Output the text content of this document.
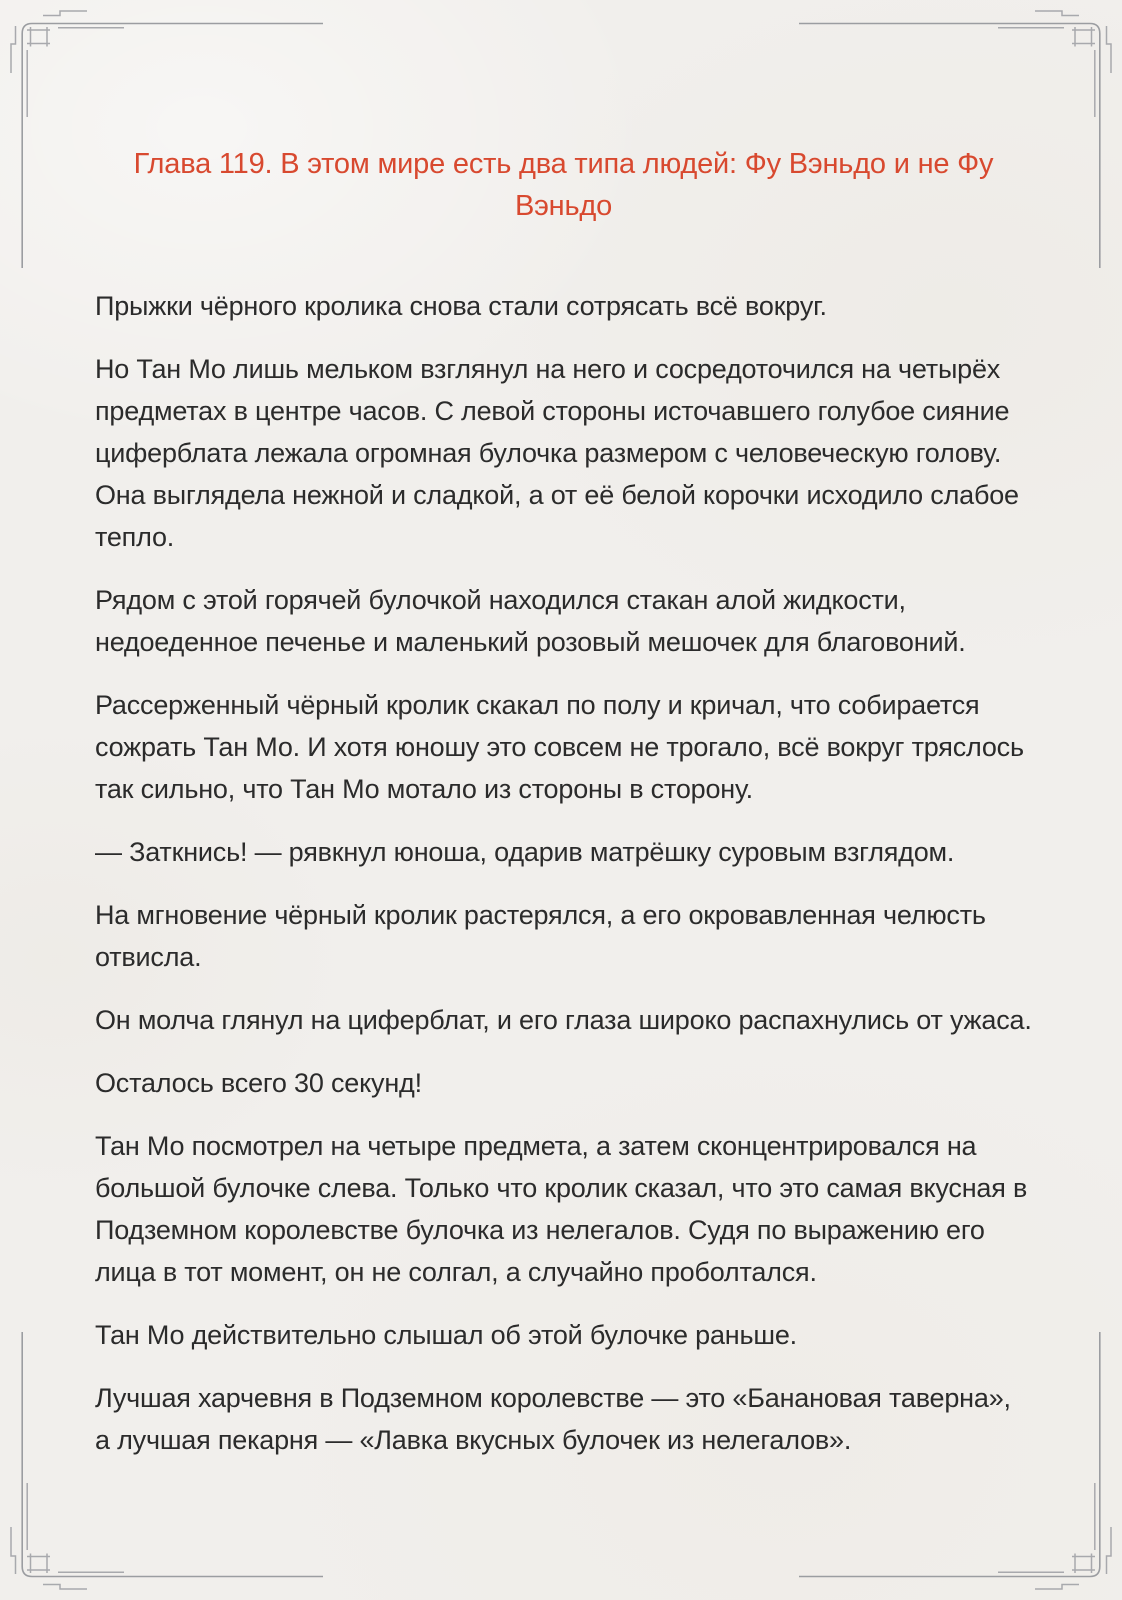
Глава 119. В этом мире есть два типа людей: Фу Вэньдо и не Фу Вэньдо

Прыжки чёрного кролика снова стали сотрясать всё вокруг.

Но Тан Мо лишь мельком взглянул на него и сосредоточился на четырёх предметах в центре часов. С левой стороны источавшего голубое сияние циферблата лежала огромная булочка размером с человеческую голову. Она выглядела нежной и сладкой, а от её белой корочки исходило слабое тепло.

Рядом с этой горячей булочкой находился стакан алой жидкости, недоеденное печенье и маленький розовый мешочек для благовоний.

Рассерженный чёрный кролик скакал по полу и кричал, что собирается сожрать Тан Мо. И хотя юношу это совсем не трогало, всё вокруг тряслось так сильно, что Тан Мо мотало из стороны в сторону.

— Заткнись! — рявкнул юноша, одарив матрёшку суровым взглядом.

На мгновение чёрный кролик растерялся, а его окровавленная челюсть отвисла.

Он молча глянул на циферблат, и его глаза широко распахнулись от ужаса.

Осталось всего 30 секунд!

Тан Мо посмотрел на четыре предмета, а затем сконцентрировался на большой булочке слева. Только что кролик сказал, что это самая вкусная в Подземном королевстве булочка из нелегалов. Судя по выражению его лица в тот момент, он не солгал, а случайно проболтался.

Тан Мо действительно слышал об этой булочке раньше.

Лучшая харчевня в Подземном королевстве — это «Банановая таверна», а лучшая пекарня — «Лавка вкусных булочек из нелегалов».
